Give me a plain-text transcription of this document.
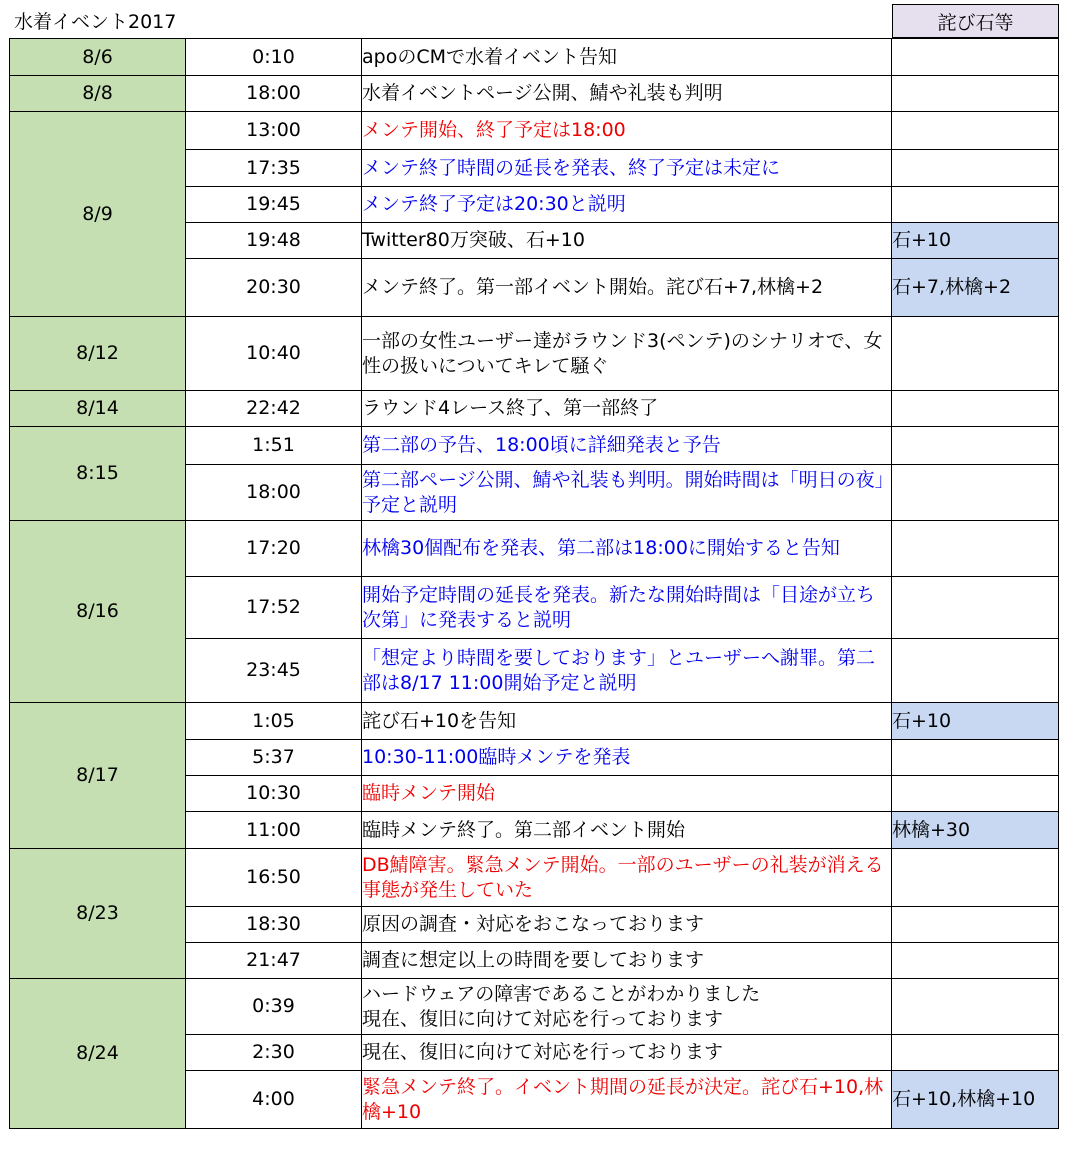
水着イベント2017	詫び石等
8/6	0:10	apoのCMで水着イベント告知	
8/8	18:00	水着イベントページ公開、鯖や礼装も判明	
8/9	13:00	メンテ開始、終了予定は18:00	
	17:35	メンテ終了時間の延長を発表、終了予定は未定に	
	19:45	メンテ終了予定は20:30と説明	
	19:48	Twitter80万突破、石+10	石+10
	20:30	メンテ終了。第一部イベント開始。詫び石+7,林檎+2	石+7,林檎+2
8/12	10:40	一部の女性ユーザー達がラウンド3(ペンテ)のシナリオで、女性の扱いについてキレて騒ぐ	
8/14	22:42	ラウンド4レース終了、第一部終了	
8:15	1:51	第二部の予告、18:00頃に詳細発表と予告	
	18:00	第二部ページ公開、鯖や礼装も判明。開始時間は「明日の夜」予定と説明	
8/16	17:20	林檎30個配布を発表、第二部は18:00に開始すると告知	
	17:52	開始予定時間の延長を発表。新たな開始時間は「目途が立ち次第」に発表すると説明	
	23:45	「想定より時間を要しております」とユーザーへ謝罪。第二部は8/17 11:00開始予定と説明	
8/17	1:05	詫び石+10を告知	石+10
	5:37	10:30-11:00臨時メンテを発表	
	10:30	臨時メンテ開始	
	11:00	臨時メンテ終了。第二部イベント開始	林檎+30
8/23	16:50	DB鯖障害。緊急メンテ開始。一部のユーザーの礼装が消える事態が発生していた	
	18:30	原因の調査・対応をおこなっております	
	21:47	調査に想定以上の時間を要しております	
8/24	0:39	ハードウェアの障害であることがわかりました
現在、復旧に向けて対応を行っております	
	2:30	現在、復旧に向けて対応を行っております	
	4:00	緊急メンテ終了。イベント期間の延長が決定。詫び石+10,林檎+10	石+10,林檎+10
